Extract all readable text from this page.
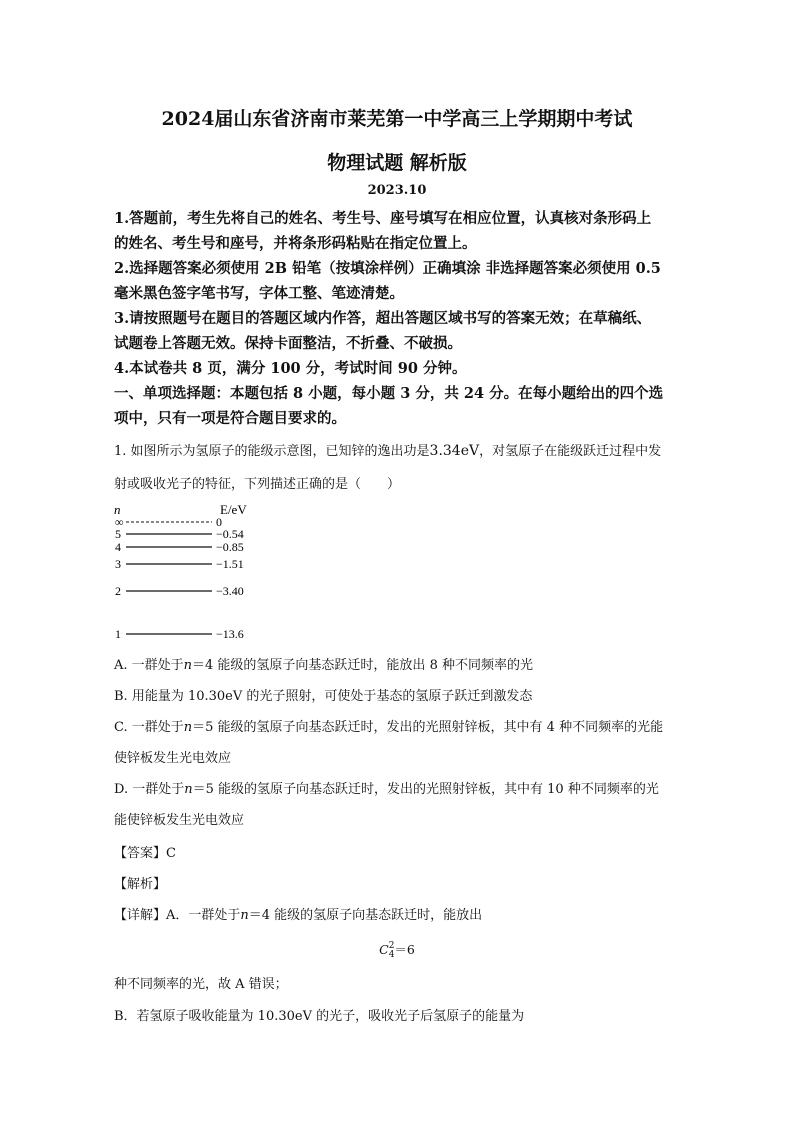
2024届山东省济南市莱芜第一中学高三上学期期中考试
物理试题 解析版
2023.10
1.答题前，考生先将自己的姓名、考生号、座号填写在相应位置，认真核对条形码上
的姓名、考生号和座号，并将条形码粘贴在指定位置上。
2.选择题答案必须使用 2B 铅笔（按填涂样例）正确填涂 非选择题答案必须使用 0.5
毫米黑色签字笔书写，字体工整、笔迹清楚。
3.请按照题号在题目的答题区域内作答，超出答题区域书写的答案无效；在草稿纸、
试题卷上答题无效。保持卡面整洁，不折叠、不破损。
4.本试卷共 8 页，满分 100 分，考试时间 90 分钟。
一、单项选择题：本题包括 8 小题，每小题 3 分，共 24 分。在每小题给出的四个选
项中，只有一项是符合题目要求的。
1. 如图所示为氢原子的能级示意图，已知锌的逸出功是3.34eV，对氢原子在能级跃迁过程中发
射或吸收光子的特征，下列描述正确的是（　　）
n	E/eV
∞	0
5	−0.54
4	−0.85
3	−1.51
2	−3.40
1	−13.6
A. 一群处于n＝4 能级的氢原子向基态跃迁时，能放出 8 种不同频率的光
B. 用能量为 10.30eV 的光子照射，可使处于基态的氢原子跃迁到激发态
C. 一群处于n＝5 能级的氢原子向基态跃迁时，发出的光照射锌板，其中有 4 种不同频率的光能
使锌板发生光电效应
D. 一群处于n＝5 能级的氢原子向基态跃迁时，发出的光照射锌板，其中有 10 种不同频率的光
能使锌板发生光电效应
【答案】C
【解析】
【详解】A．一群处于n＝4 能级的氢原子向基态跃迁时，能放出
C 2
4 ＝6
种不同频率的光，故 A 错误；
B．若氢原子吸收能量为 10.30eV 的光子，吸收光子后氢原子的能量为
